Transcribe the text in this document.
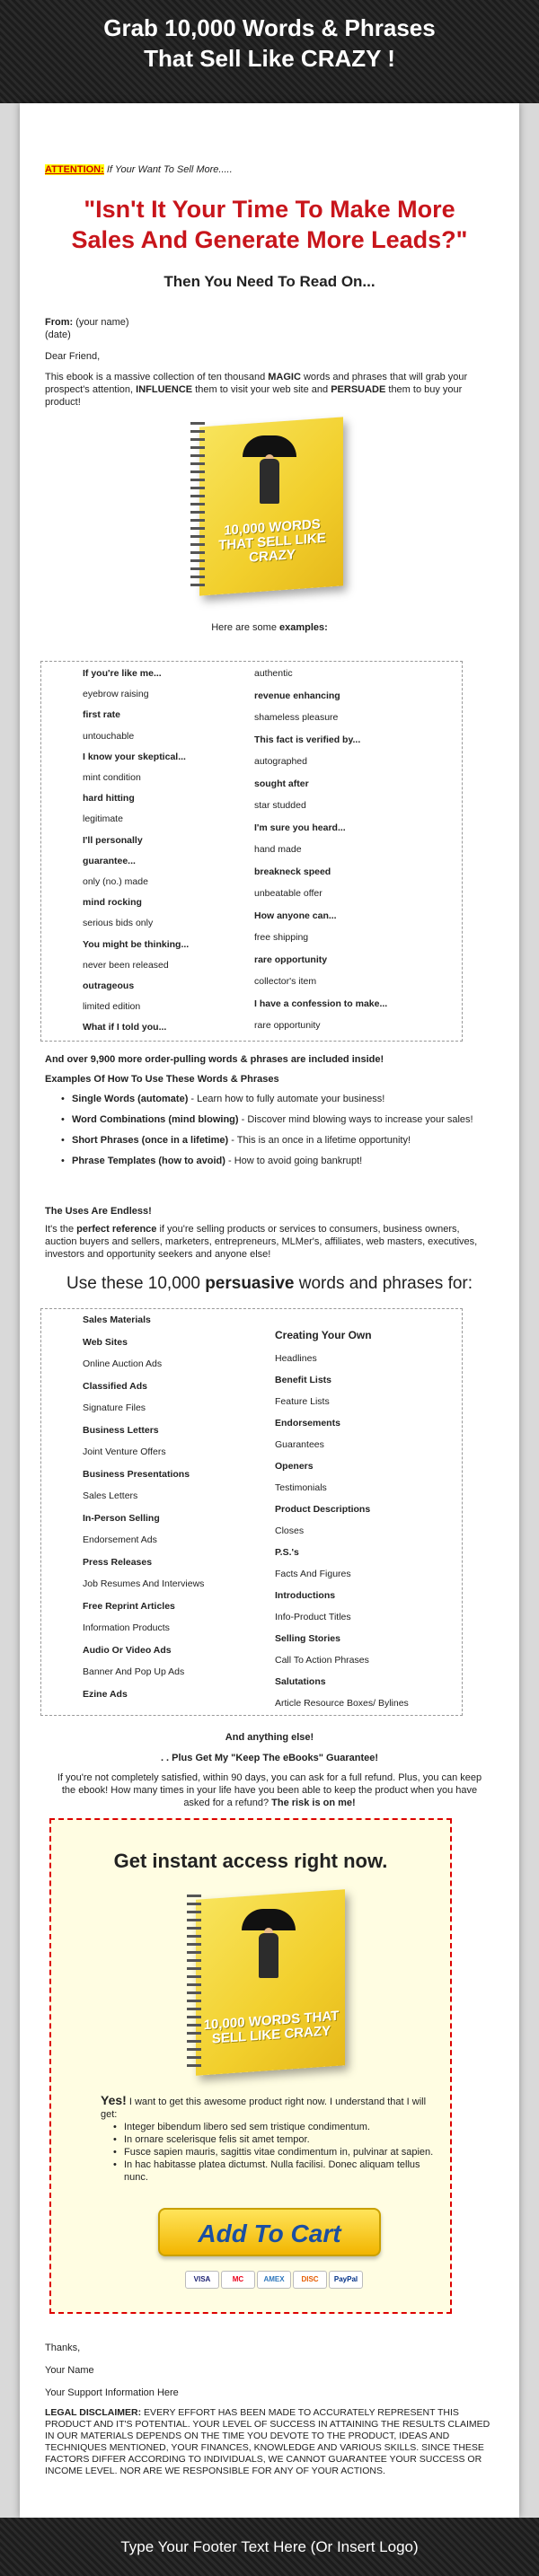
Grab 10,000 Words & Phrases
That Sell Like CRAZY !
ATTENTION: If Your Want To Sell More.....
"Isn't It Your Time To Make More
Sales And Generate More Leads?"
Then You Need To Read On...
From: (your name)
(date)
Dear Friend,
This ebook is a massive collection of ten thousand MAGIC words and phrases that will grab your prospect's attention, INFLUENCE them to visit your web site and PERSUADE them to buy your product!
10,000 WORDS THAT SELL LIKE CRAZY
Here are some examples:
If you're like me...
eyebrow raising
first rate
untouchable
I know your skeptical...
mint condition
hard hitting
legitimate
I'll personally
guarantee...
only (no.) made
mind rocking
serious bids only
You might be thinking...
never been released
outrageous
limited edition
What if I told you...
authentic
revenue enhancing
shameless pleasure
This fact is verified by...
autographed
sought after
star studded
I'm sure you heard...
hand made
breakneck speed
unbeatable offer
How anyone can...
free shipping
rare opportunity
collector's item
I have a confession to make...
rare opportunity
And over 9,900 more order-pulling words & phrases are included inside!
Examples Of How To Use These Words & Phrases
• Single Words (automate) - Learn how to fully automate your business!
• Word Combinations (mind blowing) - Discover mind blowing ways to increase your sales!
• Short Phrases (once in a lifetime) - This is an once in a lifetime opportunity!
• Phrase Templates (how to avoid) - How to avoid going bankrupt!
The Uses Are Endless!
It's the perfect reference if you're selling products or services to consumers, business owners, auction buyers and sellers, marketers, entrepreneurs, MLMer's, affiliates, web masters, executives, investors and opportunity seekers and anyone else!
Use these 10,000 persuasive words and phrases for:
Sales Materials
Web Sites
Online Auction Ads
Classified Ads
Signature Files
Business Letters
Joint Venture Offers
Business Presentations
Sales Letters
In-Person Selling
Endorsement Ads
Press Releases
Job Resumes And Interviews
Free Reprint Articles
Information Products
Audio Or Video Ads
Banner And Pop Up Ads
Ezine Ads
Creating Your Own
Headlines
Benefit Lists
Feature Lists
Endorsements
Guarantees
Openers
Testimonials
Product Descriptions
Closes
P.S.'s
Facts And Figures
Introductions
Info-Product Titles
Selling Stories
Call To Action Phrases
Salutations
Article Resource Boxes/ Bylines
And anything else!
. . Plus Get My "Keep The eBooks" Guarantee!
If you're not completely satisfied, within 90 days, you can ask for a full refund. Plus, you can keep the ebook! How many times in your life have you been able to keep the product when you have asked for a refund? The risk is on me!
Get instant access right now.
10,000 WORDS THAT SELL LIKE CRAZY
Yes! I want to get this awesome product right now. I understand that I will get:
• Integer bibendum libero sed sem tristique condimentum.
• In ornare scelerisque felis sit amet tempor.
• Fusce sapien mauris, sagittis vitae condimentum in, pulvinar at sapien.
• In hac habitasse platea dictumst. Nulla facilisi. Donec aliquam tellus nunc.
Add To Cart
VISA	MC	AMEX	DISC	PayPal
Thanks,
Your Name
Your Support Information Here
LEGAL DISCLAIMER: EVERY EFFORT HAS BEEN MADE TO ACCURATELY REPRESENT THIS PRODUCT AND IT'S POTENTIAL. YOUR LEVEL OF SUCCESS IN ATTAINING THE RESULTS CLAIMED IN OUR MATERIALS DEPENDS ON THE TIME YOU DEVOTE TO THE PRODUCT, IDEAS AND TECHNIQUES MENTIONED, YOUR FINANCES, KNOWLEDGE AND VARIOUS SKILLS. SINCE THESE FACTORS DIFFER ACCORDING TO INDIVIDUALS, WE CANNOT GUARANTEE YOUR SUCCESS OR INCOME LEVEL. NOR ARE WE RESPONSIBLE FOR ANY OF YOUR ACTIONS.
Type Your Footer Text Here (Or Insert Logo)
